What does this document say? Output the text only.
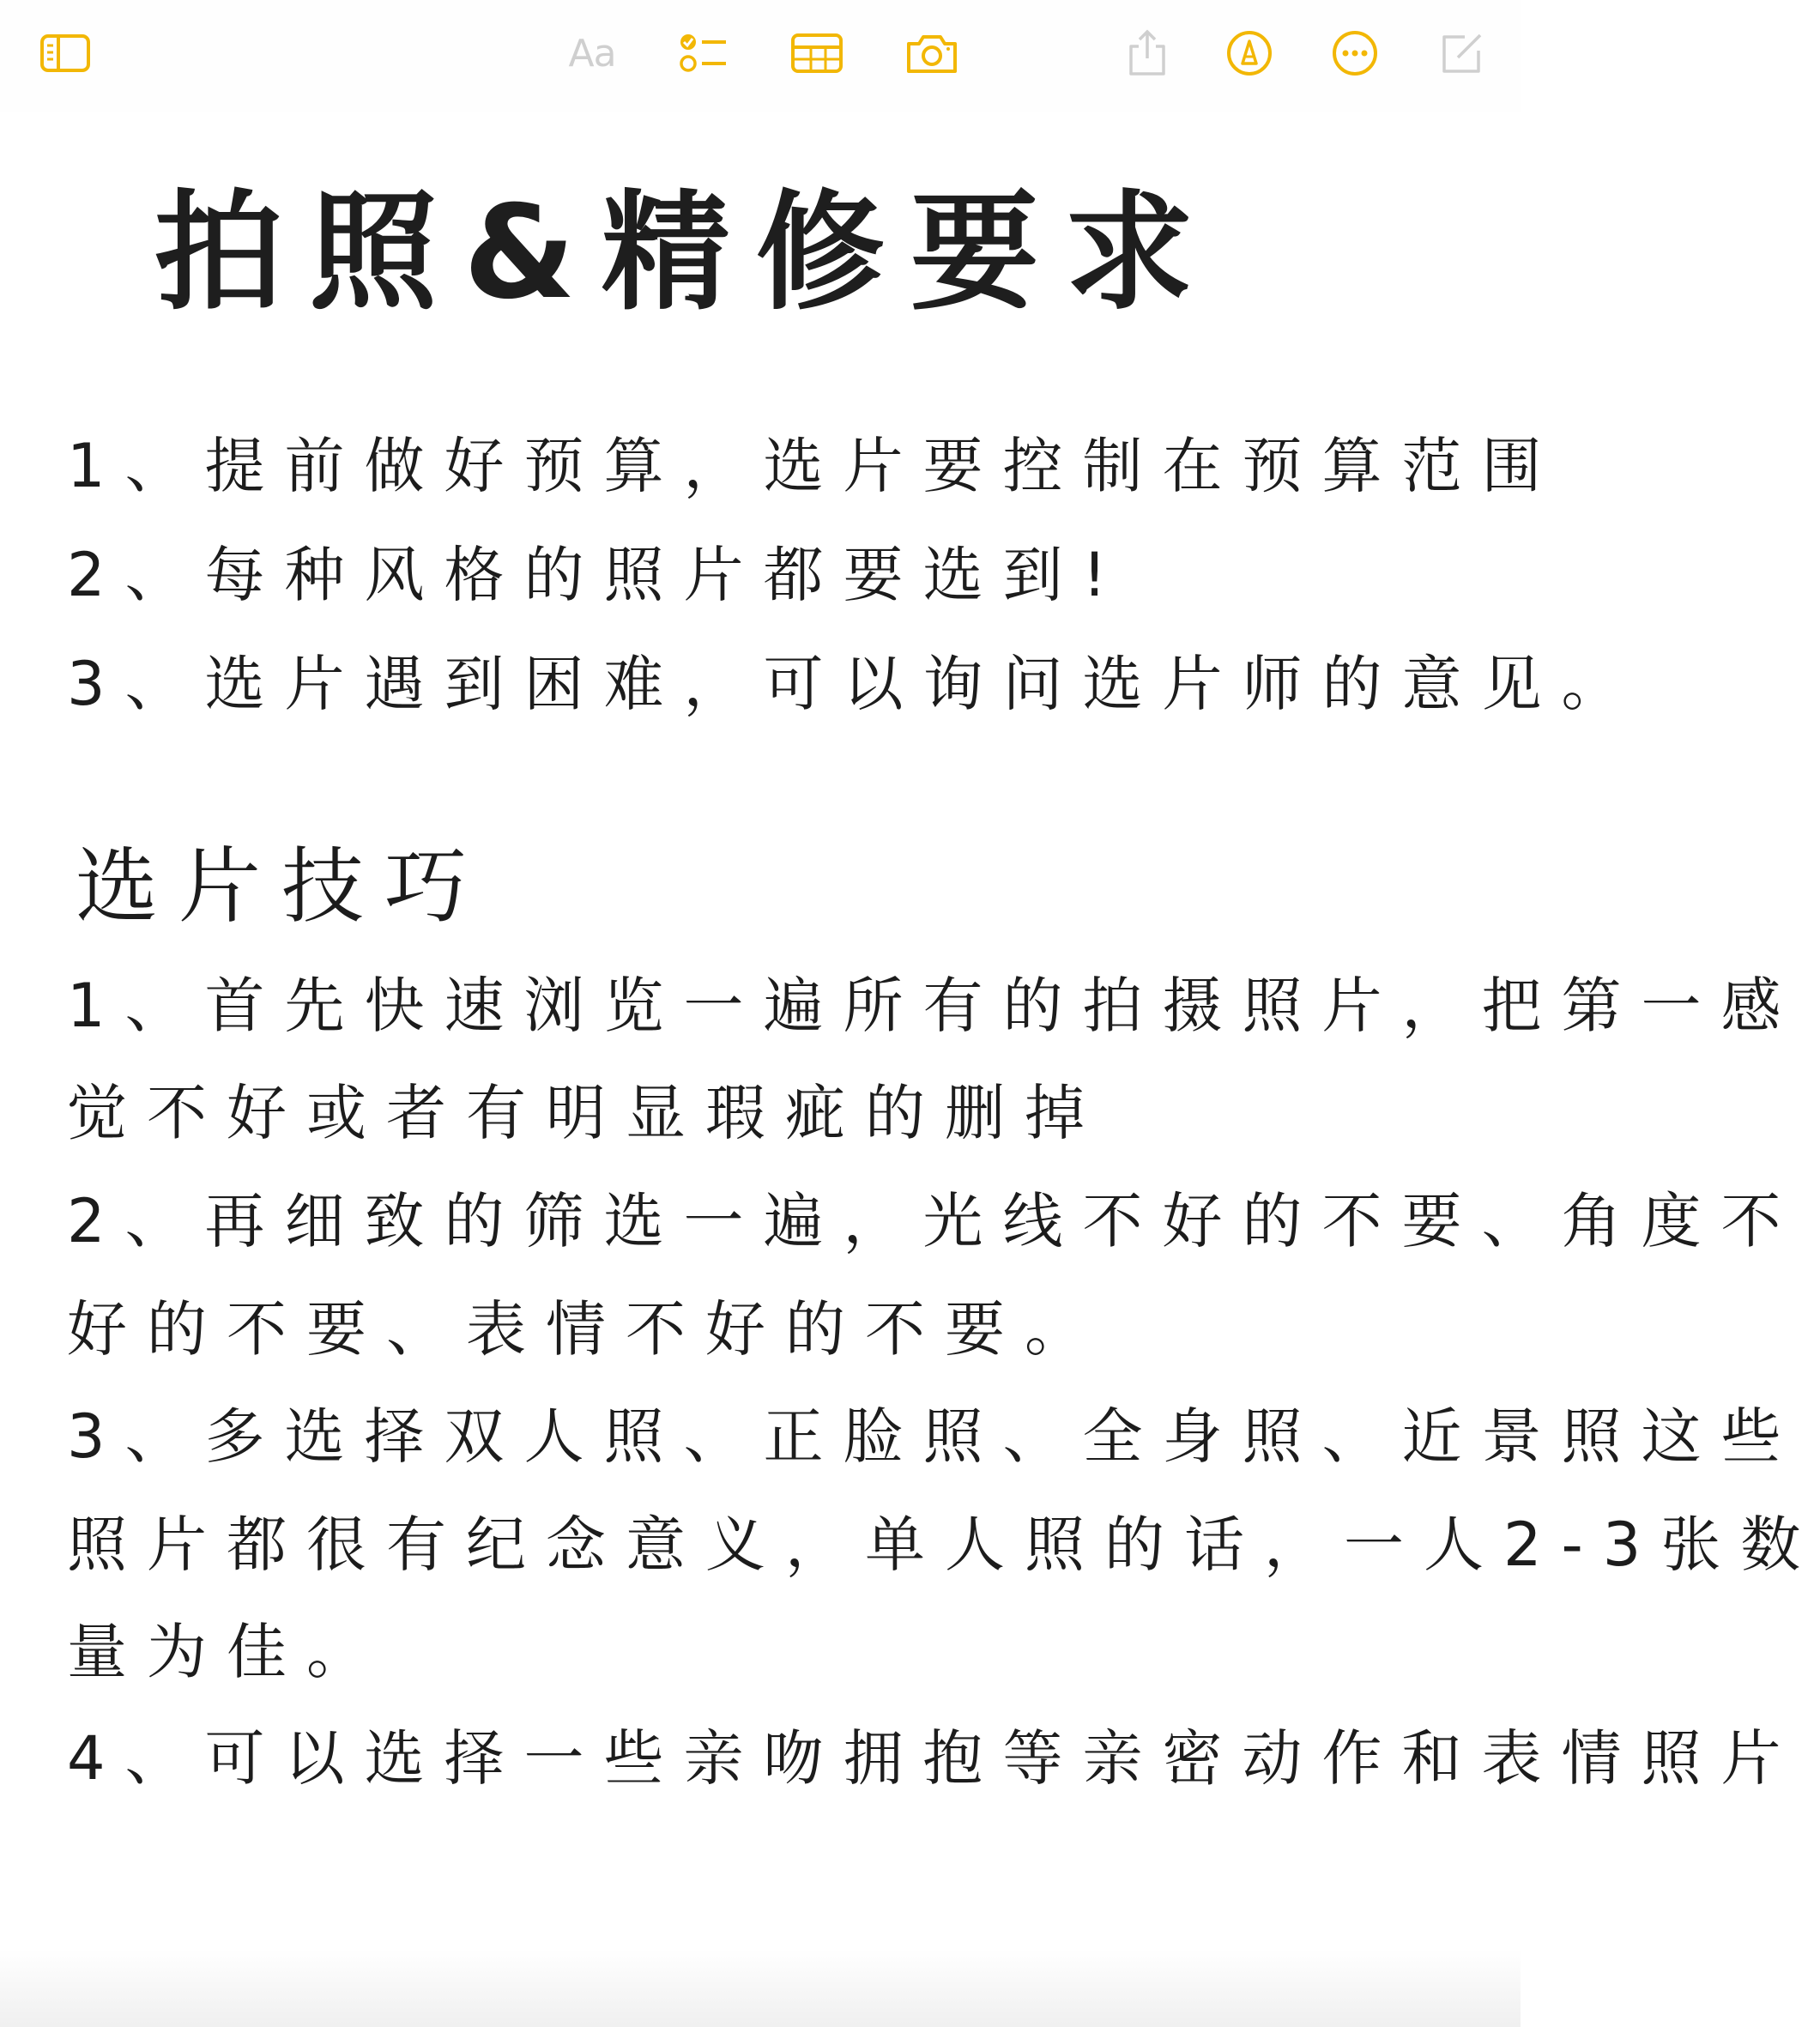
Aa
拍照&精修要求
1、提前做好预算，选片要控制在预算范围
2、每种风格的照片都要选到!
3、选片遇到困难，可以询问选片师的意见。
选片技巧
1、首先快速浏览一遍所有的拍摄照片，把第一感
觉不好或者有明显瑕疵的删掉
2、再细致的筛选一遍，光线不好的不要、角度不
好的不要、表情不好的不要。
3、多选择双人照、正脸照、全身照、近景照这些
照片都很有纪念意义，单人照的话，一人2-3张数
量为佳。
4、可以选择一些亲吻拥抱等亲密动作和表情照片
